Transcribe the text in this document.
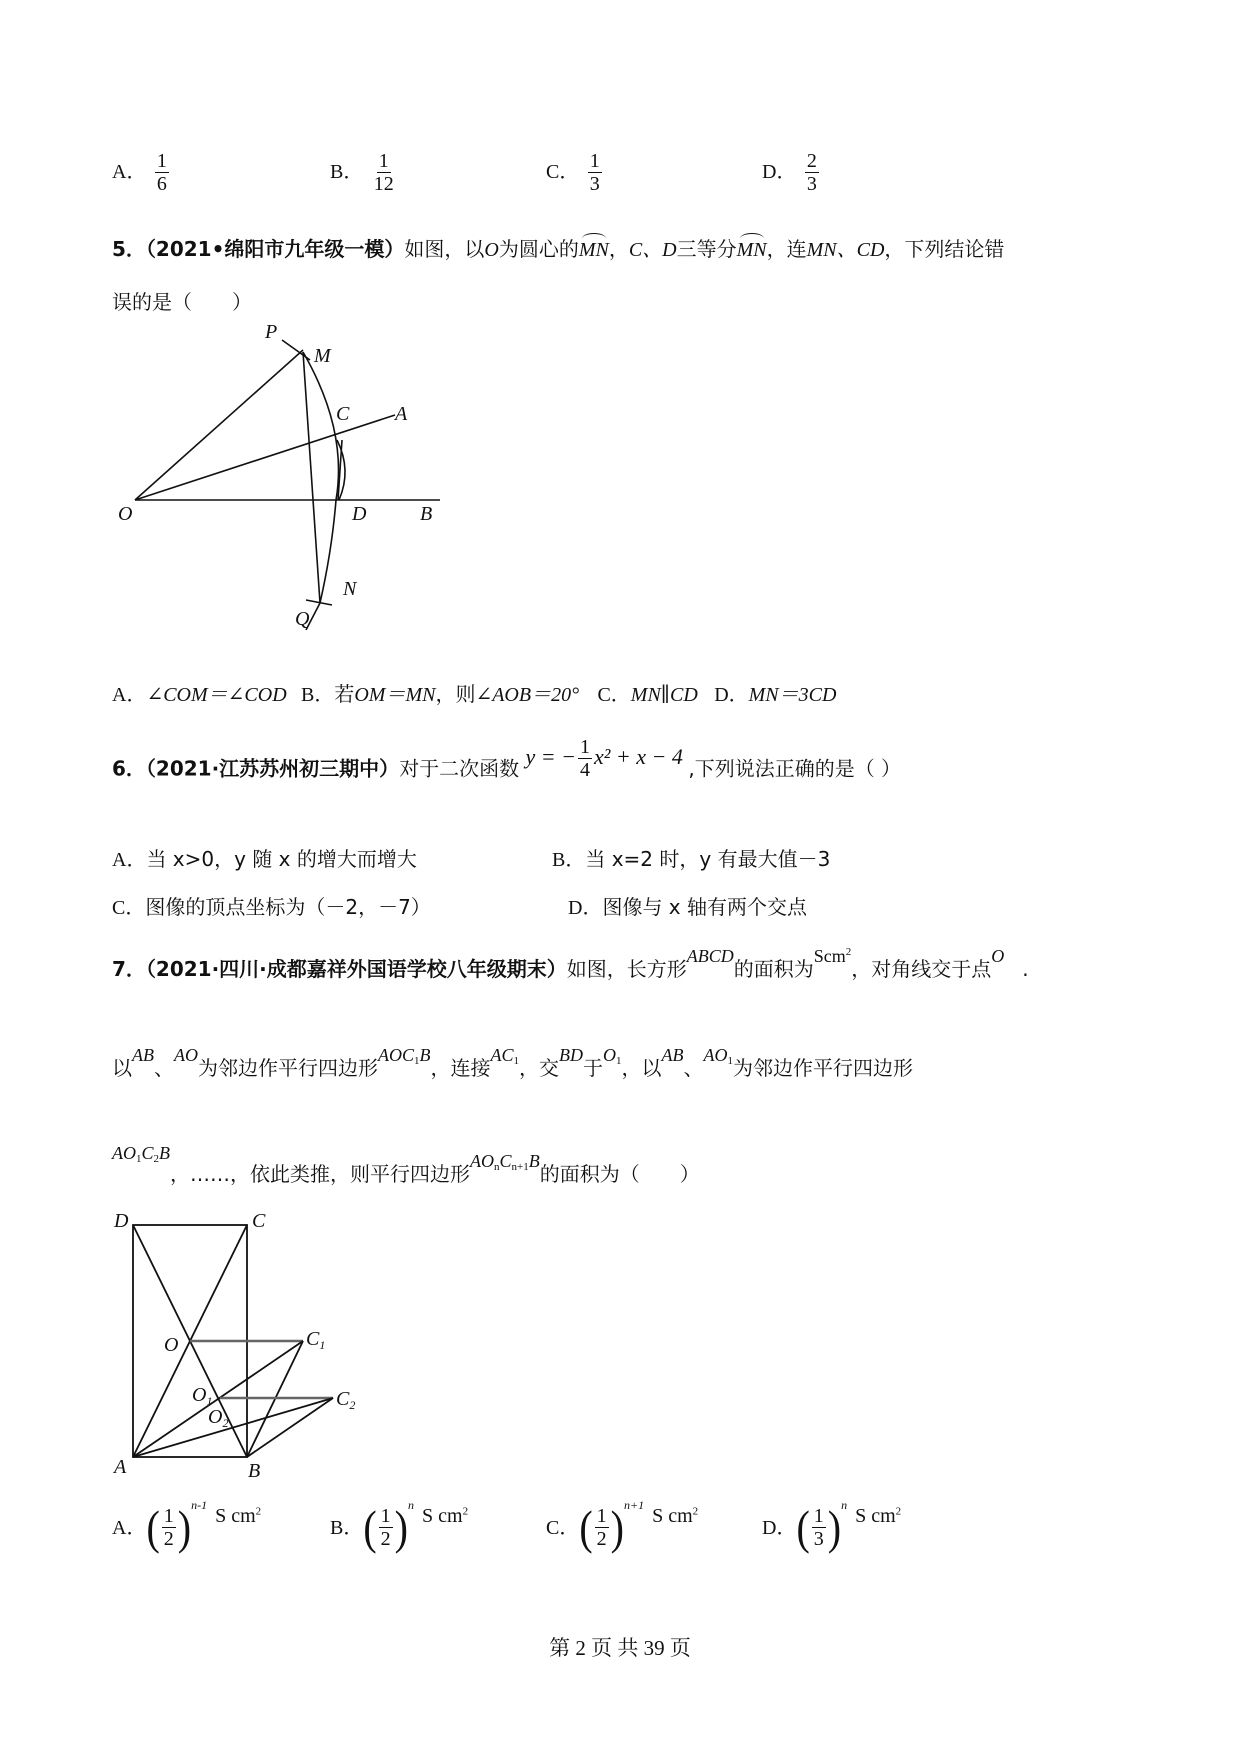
A． $\frac{1}{6}$	B． $\frac{1}{12}$	C． $\frac{1}{3}$	D． $\frac{2}{3}$
5．（2021•绵阳市九年级一模）如图，以O为圆心的MN，C、D三等分MN，连MN、CD，下列结论错
误的是（　　）
P
M
C A
O	D	B
N
Q
A．∠COM＝∠COD B．若OM＝MN，则∠AOB＝20° C．MN∥CD D．MN＝3CD
6．（2021·江苏苏州初三期中）对于二次函数 y = − $\frac{1}{4} x^2 + x - 4$ ,下列说法正确的是（ ）
A．当 x>0，y 随 x 的增大而增大	B．当 x=2 时，y 有最大值－3
C．图像的顶点坐标为（－2，－7）	D．图像与 x 轴有两个交点
7．（2021·四川·成都嘉祥外国语学校八年级期末）如图，长方形ABCD的面积为Scm$^2$，对角线交于点O.
以AB、AO为邻边作平行四边形$AOC_1B$，连接$AC_1$，交BD于$O_1$，以AB、$AO_1$为邻边作平行四边形
$AO_1C_2B$，……，依此类推，则平行四边形$AO_nC_{n+1}B$的面积为（　　）
D	C
O	$C_1$
$O_1$	$C_2$
$O_2$
A	B
A． ( $\frac{1}{2}$ ) n-1 S $cm^2$
B． ( $\frac{1}{2}$ ) n S $cm^2$
C． ( $\frac{1}{2}$ ) n+1 S $cm^2$
D． ( $\frac{1}{3}$ ) n S $cm^2$
第 2 页 共 39 页
